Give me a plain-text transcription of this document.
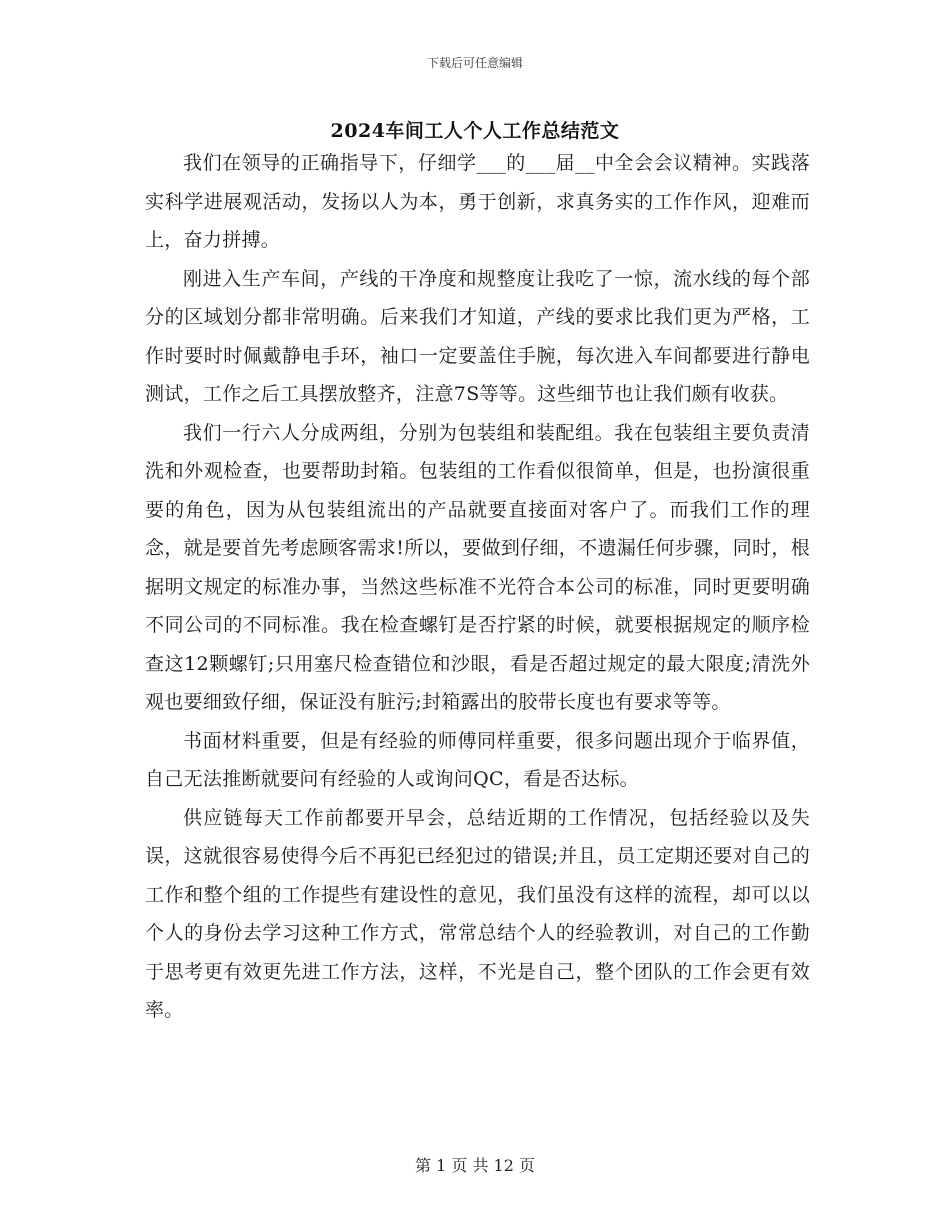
下载后可任意编辑
2024车间工人个人工作总结范文

我们在领导的正确指导下，仔细学___的___届__中全会会议精神。实践落实科学进展观活动，发扬以人为本，勇于创新，求真务实的工作作风，迎难而上，奋力拼搏。

刚进入生产车间，产线的干净度和规整度让我吃了一惊，流水线的每个部分的区域划分都非常明确。后来我们才知道，产线的要求比我们更为严格，工作时要时时佩戴静电手环，袖口一定要盖住手腕，每次进入车间都要进行静电测试，工作之后工具摆放整齐，注意7S等等。这些细节也让我们颇有收获。

我们一行六人分成两组，分别为包装组和装配组。我在包装组主要负责清洗和外观检查，也要帮助封箱。包装组的工作看似很简单，但是，也扮演很重要的角色，因为从包装组流出的产品就要直接面对客户了。而我们工作的理念，就是要首先考虑顾客需求!所以，要做到仔细，不遗漏任何步骤，同时，根据明文规定的标准办事，当然这些标准不光符合本公司的标准，同时更要明确不同公司的不同标准。我在检查螺钉是否拧紧的时候，就要根据规定的顺序检查这12颗螺钉;只用塞尺检查错位和沙眼，看是否超过规定的最大限度;清洗外观也要细致仔细，保证没有脏污;封箱露出的胶带长度也有要求等等。

书面材料重要，但是有经验的师傅同样重要，很多问题出现介于临界值，自己无法推断就要问有经验的人或询问QC，看是否达标。

供应链每天工作前都要开早会，总结近期的工作情况，包括经验以及失误，这就很容易使得今后不再犯已经犯过的错误;并且，员工定期还要对自己的工作和整个组的工作提些有建设性的意见，我们虽没有这样的流程，却可以以个人的身份去学习这种工作方式，常常总结个人的经验教训，对自己的工作勤于思考更有效更先进工作方法，这样，不光是自己，整个团队的工作会更有效率。

第 1 页 共 12 页
